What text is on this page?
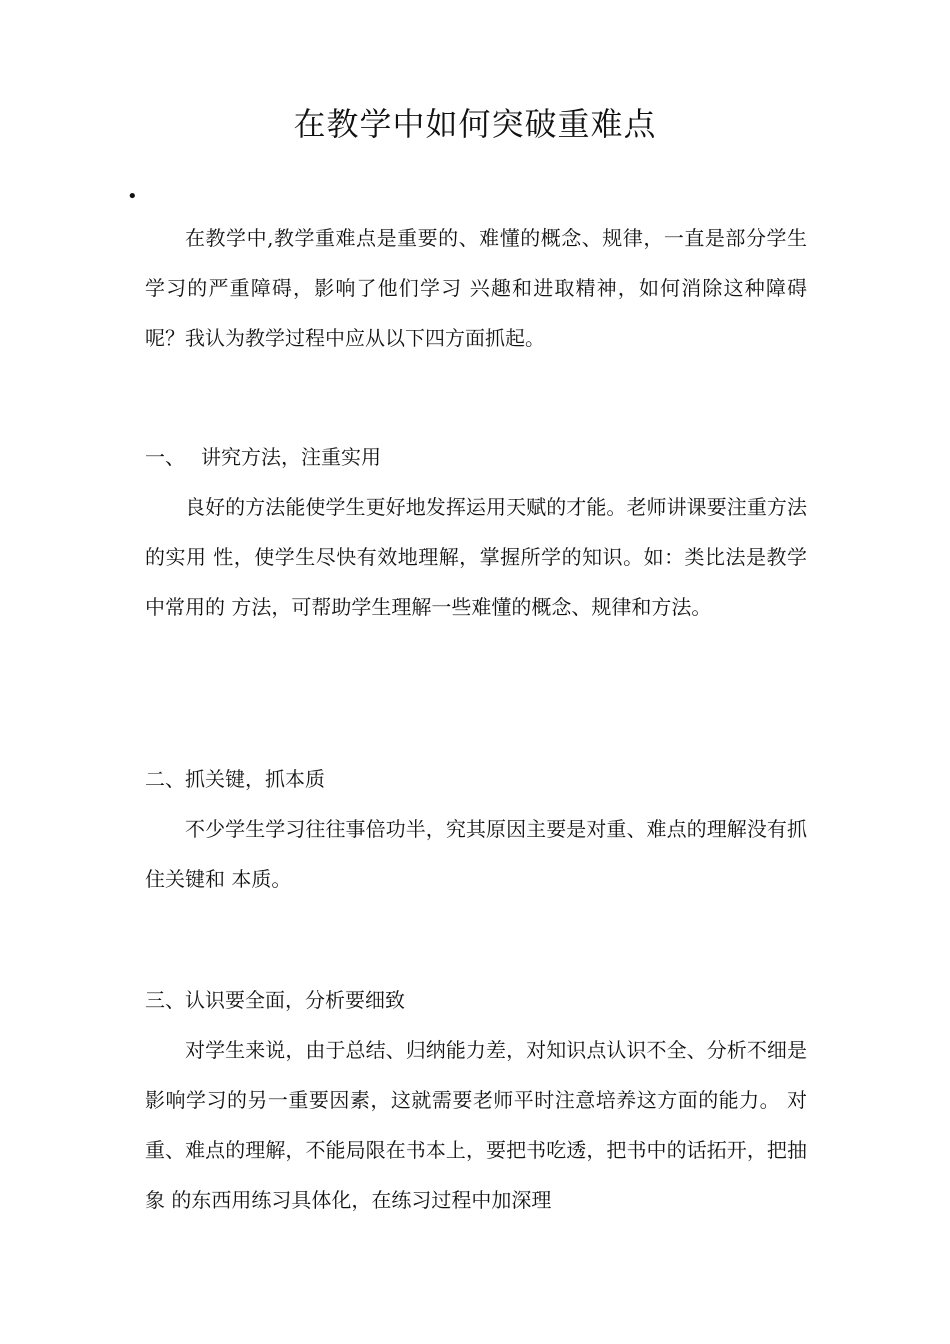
在教学中如何突破重难点
•

在教学中,教学重难点是重要的、难懂的概念、规律，一直是部分学生学习的严重障碍，影响了他们学习 兴趣和进取精神，如何消除这种障碍呢？我认为教学过程中应从以下四方面抓起。

一、 讲究方法，注重实用

良好的方法能使学生更好地发挥运用天赋的才能。老师讲课要注重方法的实用 性，使学生尽快有效地理解，掌握所学的知识。如：类比法是教学中常用的 方法，可帮助学生理解一些难懂的概念、规律和方法。

二、抓关键，抓本质

不少学生学习往往事倍功半，究其原因主要是对重、难点的理解没有抓住关键和 本质。

三、认识要全面，分析要细致

对学生来说，由于总结、归纳能力差，对知识点认识不全、分析不细是影响学习的另一重要因素，这就需要老师平时注意培养这方面的能力。 对重、难点的理解，不能局限在书本上，要把书吃透，把书中的话拓开，把抽象 的东西用练习具体化，在练习过程中加深理
